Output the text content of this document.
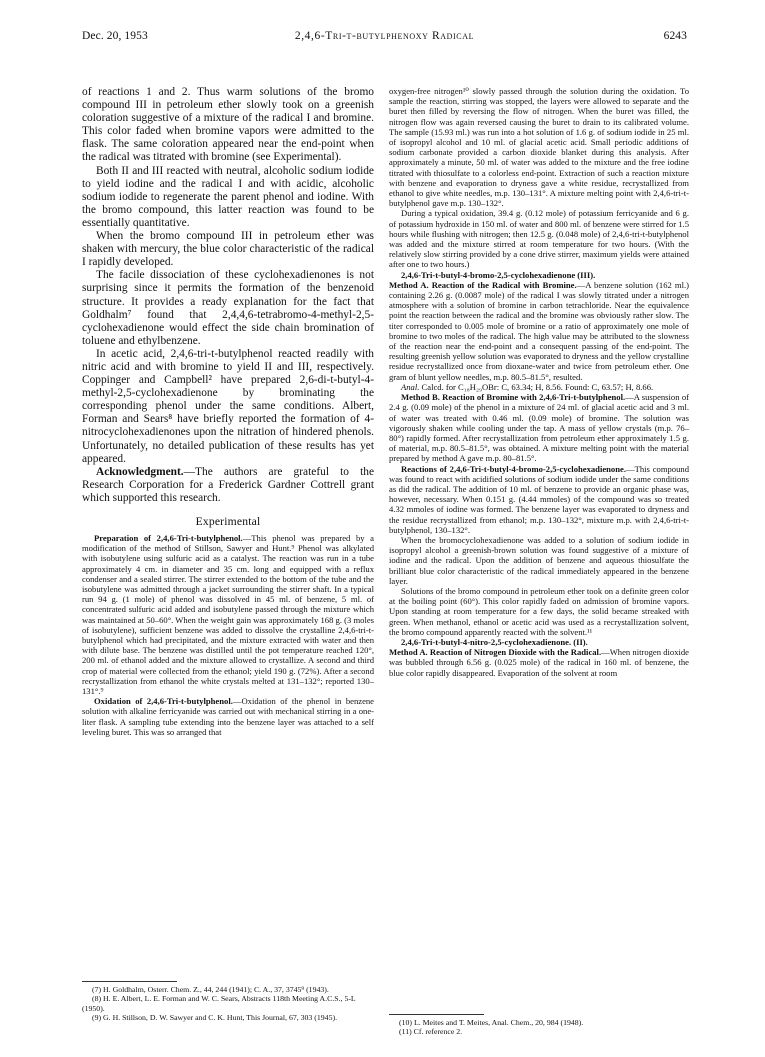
Dec. 20, 1953	2,4,6-Tri-t-butylphenoxy Radical	6243

of reactions 1 and 2. Thus warm solutions of the bromo compound III in petroleum ether slowly took on a greenish coloration suggestive of a mixture of the radical I and bromine. This color faded when bromine vapors were admitted to the flask. The same coloration appeared near the end-point when the radical was titrated with bromine (see Experimental).

Both II and III reacted with neutral, alcoholic sodium iodide to yield iodine and the radical I and with acidic, alcoholic sodium iodide to regenerate the parent phenol and iodine. With the bromo compound, this latter reaction was found to be essentially quantitative.

When the bromo compound III in petroleum ether was shaken with mercury, the blue color characteristic of the radical I rapidly developed.

The facile dissociation of these cyclohexadienones is not surprising since it permits the formation of the benzenoid structure. It provides a ready explanation for the fact that Goldhalm⁷ found that 2,4,4,6-tetrabromo-4-methyl-2,5-cyclohexadienone would effect the side chain bromination of toluene and ethylbenzene.

In acetic acid, 2,4,6-tri-t-butylphenol reacted readily with nitric acid and with bromine to yield II and III, respectively. Coppinger and Campbell² have prepared 2,6-di-t-butyl-4-methyl-2,5-cyclohexadienone by brominating the corresponding phenol under the same conditions. Albert, Forman and Sears⁸ have briefly reported the formation of 4-nitrocyclohexadienones upon the nitration of hindered phenols. Unfortunately, no detailed publication of these results has yet appeared.

Acknowledgment.—The authors are grateful to the Research Corporation for a Frederick Gardner Cottrell grant which supported this research.

Experimental

Preparation of 2,4,6-Tri-t-butylphenol.—This phenol was prepared by a modification of the method of Stillson, Sawyer and Hunt.⁹ Phenol was alkylated with isobutylene using sulfuric acid as a catalyst. The reaction was run in a tube approximately 4 cm. in diameter and 35 cm. long and equipped with a reflux condenser and a sealed stirrer. The stirrer extended to the bottom of the tube and the isobutylene was admitted through a jacket surrounding the stirrer shaft. In a typical run 94 g. (1 mole) of phenol was dissolved in 45 ml. of benzene, 5 ml. of concentrated sulfuric acid added and isobutylene passed through the mixture which was maintained at 50–60°. When the weight gain was approximately 168 g. (3 moles of isobutylene), sufficient benzene was added to dissolve the crystalline 2,4,6-tri-t-butylphenol which had precipitated, and the mixture extracted with water and then with dilute base. The benzene was distilled until the pot temperature reached 120°, 200 ml. of ethanol added and the mixture allowed to crystallize. A second and third crop of material were collected from the ethanol; yield 190 g. (72%). After a second recrystallization from ethanol the white crystals melted at 131–132°; reported 130–131°.⁹

Oxidation of 2,4,6-Tri-t-butylphenol.—Oxidation of the phenol in benzene solution with alkaline ferricyanide was carried out with mechanical stirring in a one-liter flask. A sampling tube extending into the benzene layer was attached to a self leveling buret. This was so arranged that

(7) H. Goldhalm, Osterr. Chem. Z., 44, 244 (1941); C. A., 37, 3745⁹ (1943).
(8) H. E. Albert, L. E. Forman and W. C. Sears, Abstracts 118th Meeting A.C.S., 5-L (1950).
(9) G. H. Stillson, D. W. Sawyer and C. K. Hunt, This Journal, 67, 303 (1945).

oxygen-free nitrogen¹⁰ slowly passed through the solution during the oxidation. To sample the reaction, stirring was stopped, the layers were allowed to separate and the buret then filled by reversing the flow of nitrogen. When the buret was filled, the nitrogen flow was again reversed causing the buret to drain to its calibrated volume. The sample (15.93 ml.) was run into a hot solution of 1.6 g. of sodium iodide in 25 ml. of isopropyl alcohol and 10 ml. of glacial acetic acid. Small periodic additions of sodium carbonate provided a carbon dioxide blanket during this analysis. After approximately a minute, 50 ml. of water was added to the mixture and the free iodine titrated with thiosulfate to a colorless end-point. Extraction of such a reaction mixture with benzene and evaporation to dryness gave a white residue, recrystallized from ethanol to give white needles, m.p. 130–131°. A mixture melting point with 2,4,6-tri-t-butylphenol gave m.p. 130–132°.

During a typical oxidation, 39.4 g. (0.12 mole) of potassium ferricyanide and 6 g. of potassium hydroxide in 150 ml. of water and 800 ml. of benzene were stirred for 1.5 hours while flushing with nitrogen; then 12.5 g. (0.048 mole) of 2,4,6-tri-t-butylphenol was added and the mixture stirred at room temperature for two hours. (With the relatively slow stirring provided by a cone drive stirrer, maximum yields were attained after one to two hours.)

2,4,6-Tri-t-butyl-4-bromo-2,5-cyclohexadienone (III).

Method A. Reaction of the Radical with Bromine.—A benzene solution (162 ml.) containing 2.26 g. (0.0087 mole) of the radical I was slowly titrated under a nitrogen atmosphere with a solution of bromine in carbon tetrachloride. Near the equivalence point the reaction between the radical and the bromine was obviously rather slow. The titer corresponded to 0.005 mole of bromine or a ratio of approximately one mole of bromine to two moles of the radical. The high value may be attributed to the slowness of the reaction near the end-point and a consequent passing of the end-point. The resulting greenish yellow solution was evaporated to dryness and the yellow crystalline residue recrystallized once from dioxane-water and twice from petroleum ether. One gram of blunt yellow needles, m.p. 80.5–81.5°, resulted.

Anal. Calcd. for C₁₈H₂₉OBr: C, 63.34; H, 8.56. Found: C, 63.57; H, 8.66.

Method B. Reaction of Bromine with 2,4,6-Tri-t-butylphenol.—A suspension of 2.4 g. (0.09 mole) of the phenol in a mixture of 24 ml. of glacial acetic acid and 3 ml. of water was treated with 0.46 ml. (0.09 mole) of bromine. The solution was vigorously shaken while cooling under the tap. A mass of yellow crystals (m.p. 76–80°) rapidly formed. After recrystallization from petroleum ether approximately 1.5 g. of material, m.p. 80.5–81.5°, was obtained. A mixture melting point with the material prepared by method A gave m.p. 80–81.5°.

Reactions of 2,4,6-Tri-t-butyl-4-bromo-2,5-cyclohexadienone.—This compound was found to react with acidified solutions of sodium iodide under the same conditions as did the radical. The addition of 10 ml. of benzene to provide an organic phase was, however, necessary. When 0.151 g. (4.44 mmoles) of the compound was so treated 4.32 mmoles of iodine was formed. The benzene layer was evaporated to dryness and the residue recrystallized from ethanol; m.p. 130–132°, mixture m.p. with 2,4,6-tri-t-butylphenol, 130–132°.

When the bromocyclohexadienone was added to a solution of sodium iodide in isopropyl alcohol a greenish-brown solution was found suggestive of a mixture of iodine and the radical. Upon the addition of benzene and aqueous thiosulfate the brilliant blue color characteristic of the radical immediately appeared in the benzene layer.

Solutions of the bromo compound in petroleum ether took on a definite green color at the boiling point (60°). This color rapidly faded on admission of bromine vapors. Upon standing at room temperature for a few days, the solid became streaked with green. When methanol, ethanol or acetic acid was used as a recrystallization solvent, the bromo compound apparently reacted with the solvent.¹¹

2,4,6-Tri-t-butyl-4-nitro-2,5-cyclohexadienone. (II).

Method A. Reaction of Nitrogen Dioxide with the Radical.—When nitrogen dioxide was bubbled through 6.56 g. (0.025 mole) of the radical in 160 ml. of benzene, the blue color rapidly disappeared. Evaporation of the solvent at room

(10) L. Meites and T. Meites, Anal. Chem., 20, 984 (1948).
(11) Cf. reference 2.
